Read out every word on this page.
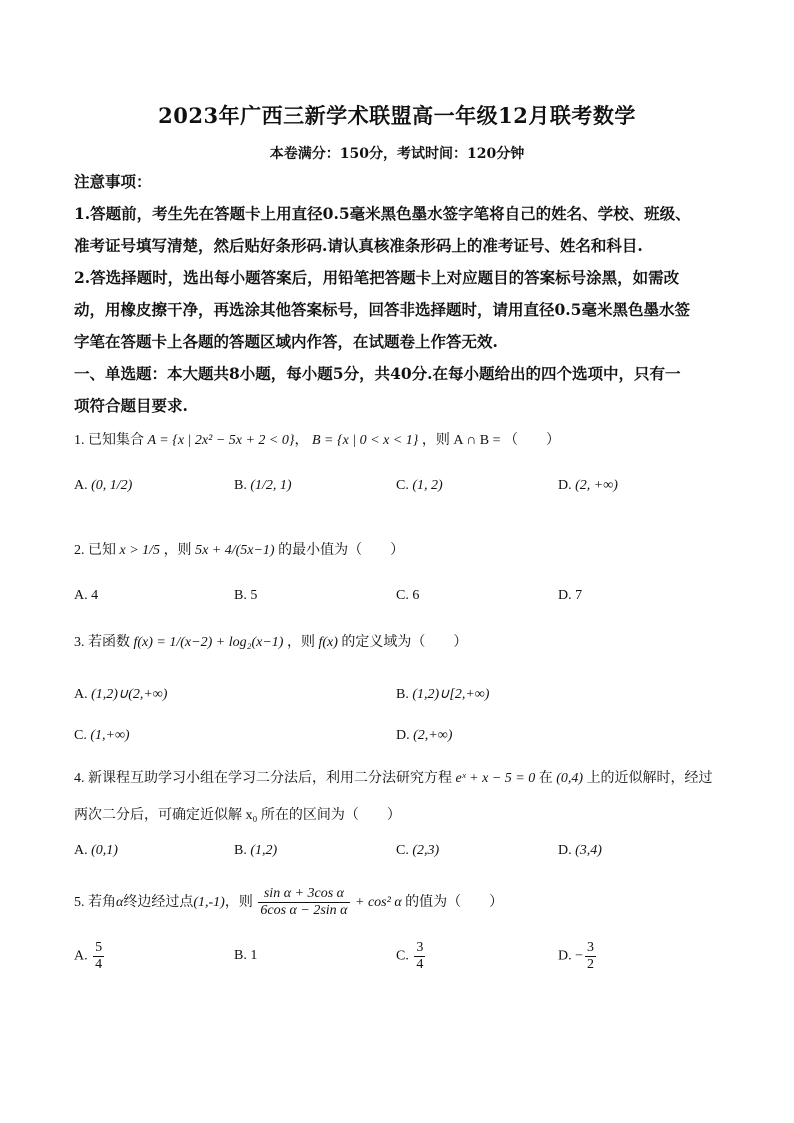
2023年广西三新学术联盟高一年级12月联考数学
本卷满分：150分，考试时间：120分钟
注意事项：
1.答题前，考生先在答题卡上用直径0.5毫米黑色墨水签字笔将自己的姓名、学校、班级、
准考证号填写清楚，然后贴好条形码.请认真核准条形码上的准考证号、姓名和科目.
2.答选择题时，选出每小题答案后，用铅笔把答题卡上对应题目的答案标号涂黑，如需改
动，用橡皮擦干净，再选涂其他答案标号，回答非选择题时，请用直径0.5毫米黑色墨水签
字笔在答题卡上各题的答题区域内作答，在试题卷上作答无效.
一、单选题：本大题共8小题，每小题5分，共40分.在每小题给出的四个选项中，只有一
项符合题目要求.
1. 已知集合 A = {x | 2x² − 5x + 2 < 0}， B = {x | 0 < x < 1} ，则 A ∩ B = （　　）
A. (0, 1/2)	B. (1/2, 1)	C. (1, 2)	D. (2, +∞)
2. 已知 x > 1/5 ，则 5x + 4/(5x−1) 的最小值为（　　）
A. 4	B. 5	C. 6	D. 7
3. 若函数 f(x) = 1/(x−2) + log₂(x−1) ，则 f(x) 的定义域为（　　）
A. (1,2)∪(2,+∞)	B. (1,2)∪[2,+∞)
C. (1,+∞)	D. (2,+∞)
4. 新课程互助学习小组在学习二分法后，利用二分法研究方程 eˣ + x − 5 = 0 在 (0,4) 上的近似解时，经过
两次二分后，可确定近似解 x₀ 所在的区间为（　　）
A. (0,1)	B. (1,2)	C. (2,3)	D. (3,4)
5. 若角α终边经过点(1,-1)，则 $\frac{\text{sin α + 3cos α}}{\text{6cos α − 2sin α}} + \cos^2$ α 的值为（　　）
A. $\frac{5}{4}$	B. 1	C. $\frac{3}{4}$	D. − $\frac{3}{2}$
